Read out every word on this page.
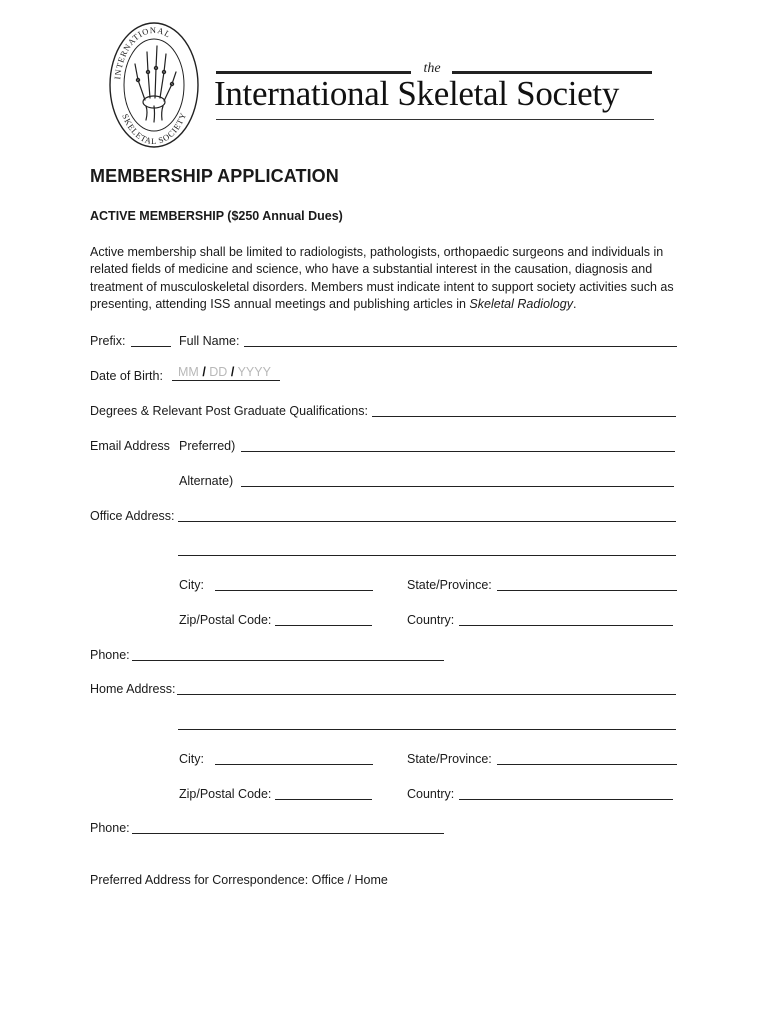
INTERNATIONAL
SKELETAL SOCIETY
the
International Skeletal Society
MEMBERSHIP APPLICATION
ACTIVE MEMBERSHIP ($250 Annual Dues)
Active membership shall be limited to radiologists, pathologists, orthopaedic surgeons and individuals in related fields of medicine and science, who have a substantial interest in the causation, diagnosis and treatment of musculoskeletal disorders. Members must indicate intent to support society activities such as presenting, attending ISS annual meetings and publishing articles in Skeletal Radiology.
Prefix:	Full Name:
Date of Birth:	MM / DD / YYYY
Degrees & Relevant Post Graduate Qualifications:
Email Address Preferred)
Alternate)
Office Address:
City:	State/Province:
Zip/Postal Code:	Country:
Phone:
Home Address:
City:	State/Province:
Zip/Postal Code:	Country:
Phone:
Preferred Address for Correspondence: Office / Home
